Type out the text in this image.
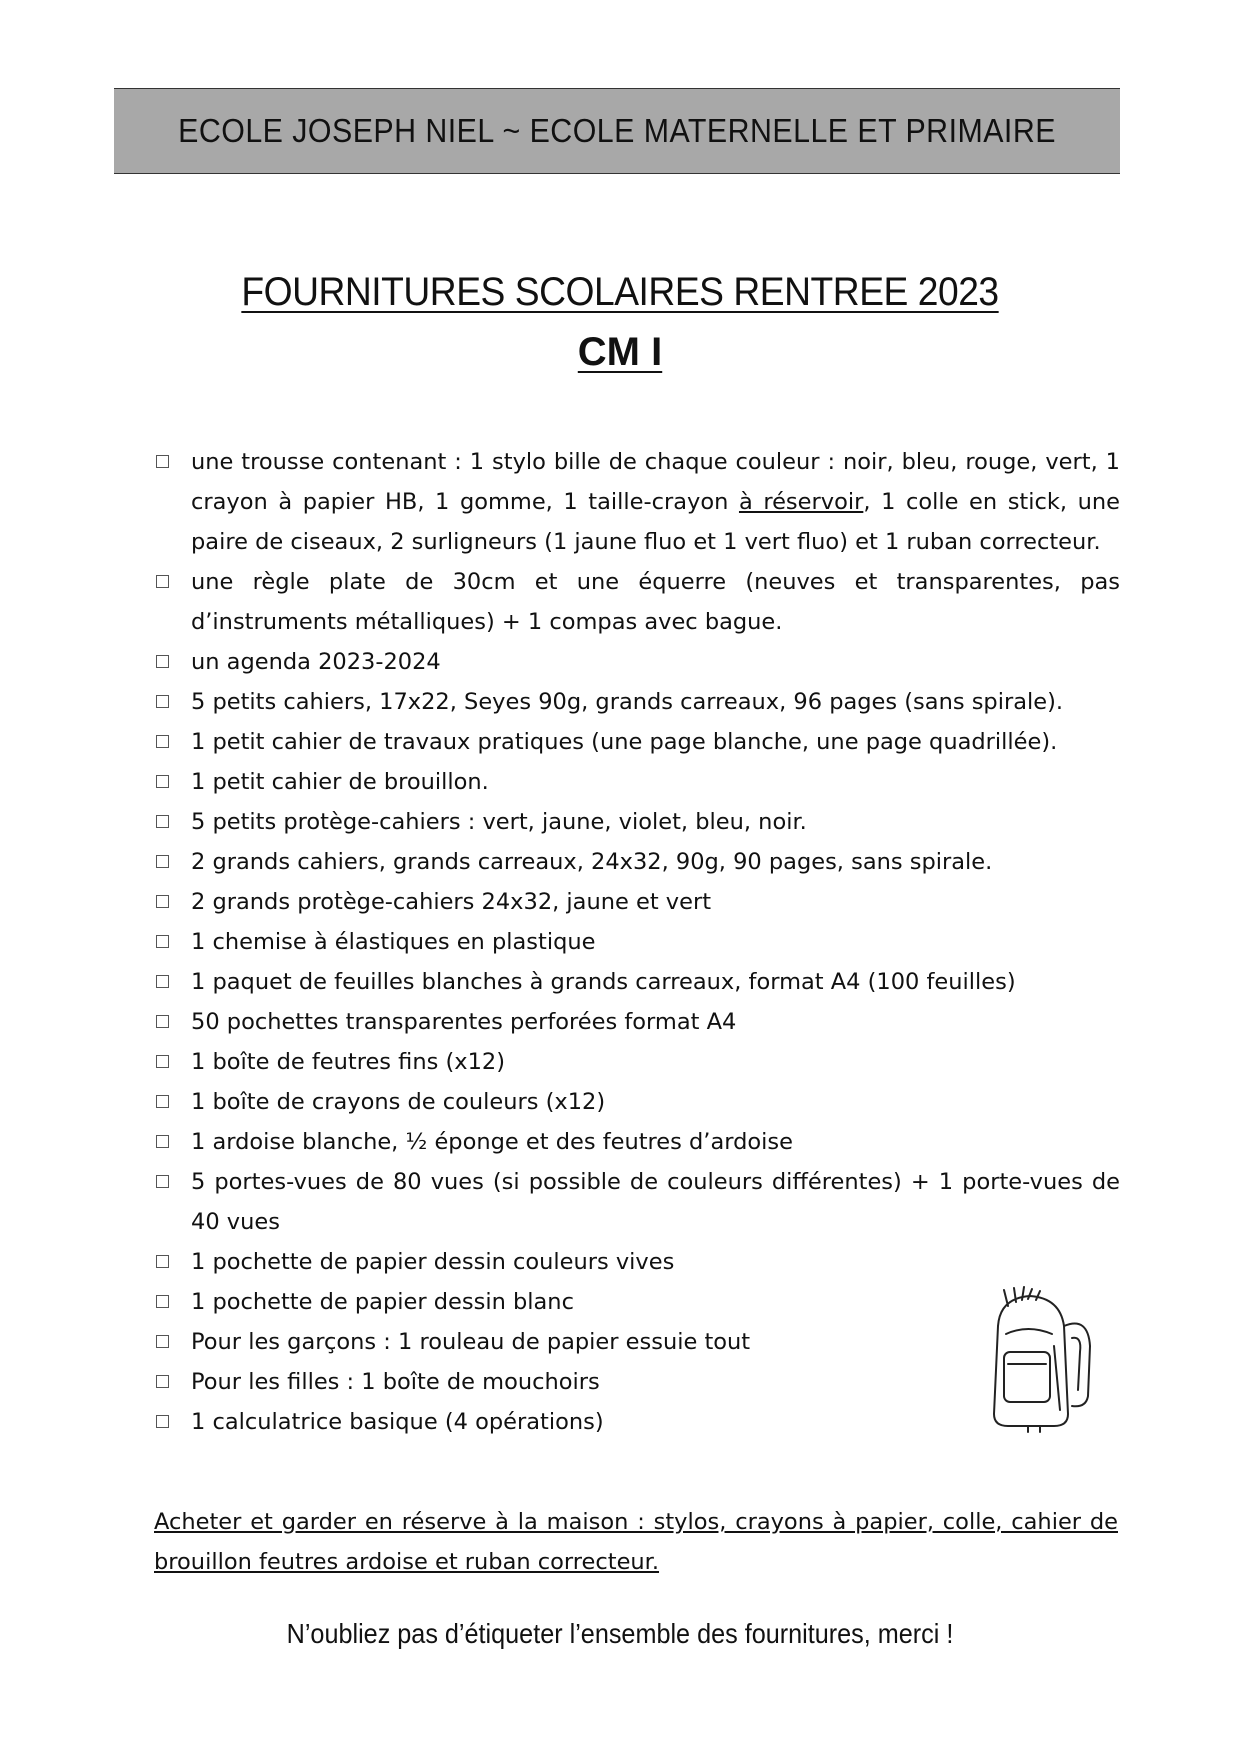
ECOLE JOSEPH NIEL ~ ECOLE MATERNELLE ET PRIMAIRE
FOURNITURES SCOLAIRES RENTREE 2023
CM I
une trousse contenant : 1 stylo bille de chaque couleur : noir, bleu, rouge, vert, 1 crayon à papier HB, 1 gomme, 1 taille-crayon à réservoir, 1 colle en stick, une paire de ciseaux, 2 surligneurs (1 jaune fluo et 1 vert fluo) et 1 ruban correcteur.
une règle plate de 30cm et une équerre (neuves et transparentes, pas d’instruments métalliques) + 1 compas avec bague.
un agenda 2023-2024
5 petits cahiers, 17x22, Seyes 90g, grands carreaux, 96 pages (sans spirale).
1 petit cahier de travaux pratiques (une page blanche, une page quadrillée).
1 petit cahier de brouillon.
5 petits protège-cahiers : vert, jaune, violet, bleu, noir.
2 grands cahiers, grands carreaux, 24x32, 90g, 90 pages, sans spirale.
2 grands protège-cahiers 24x32, jaune et vert
1 chemise à élastiques en plastique
1 paquet de feuilles blanches à grands carreaux, format A4 (100 feuilles)
50 pochettes transparentes perforées format A4
1 boîte de feutres fins (x12)
1 boîte de crayons de couleurs (x12)
1 ardoise blanche, ½ éponge et des feutres d’ardoise
5 portes-vues de 80 vues (si possible de couleurs différentes) + 1 porte-vues de 40 vues
1 pochette de papier dessin couleurs vives
1 pochette de papier dessin blanc
Pour les garçons : 1 rouleau de papier essuie tout
Pour les filles : 1 boîte de mouchoirs
1 calculatrice basique (4 opérations)
Acheter et garder en réserve à la maison : stylos, crayons à papier, colle, cahier de brouillon feutres ardoise et ruban correcteur.
N’oubliez pas d’étiqueter l’ensemble des fournitures, merci !
